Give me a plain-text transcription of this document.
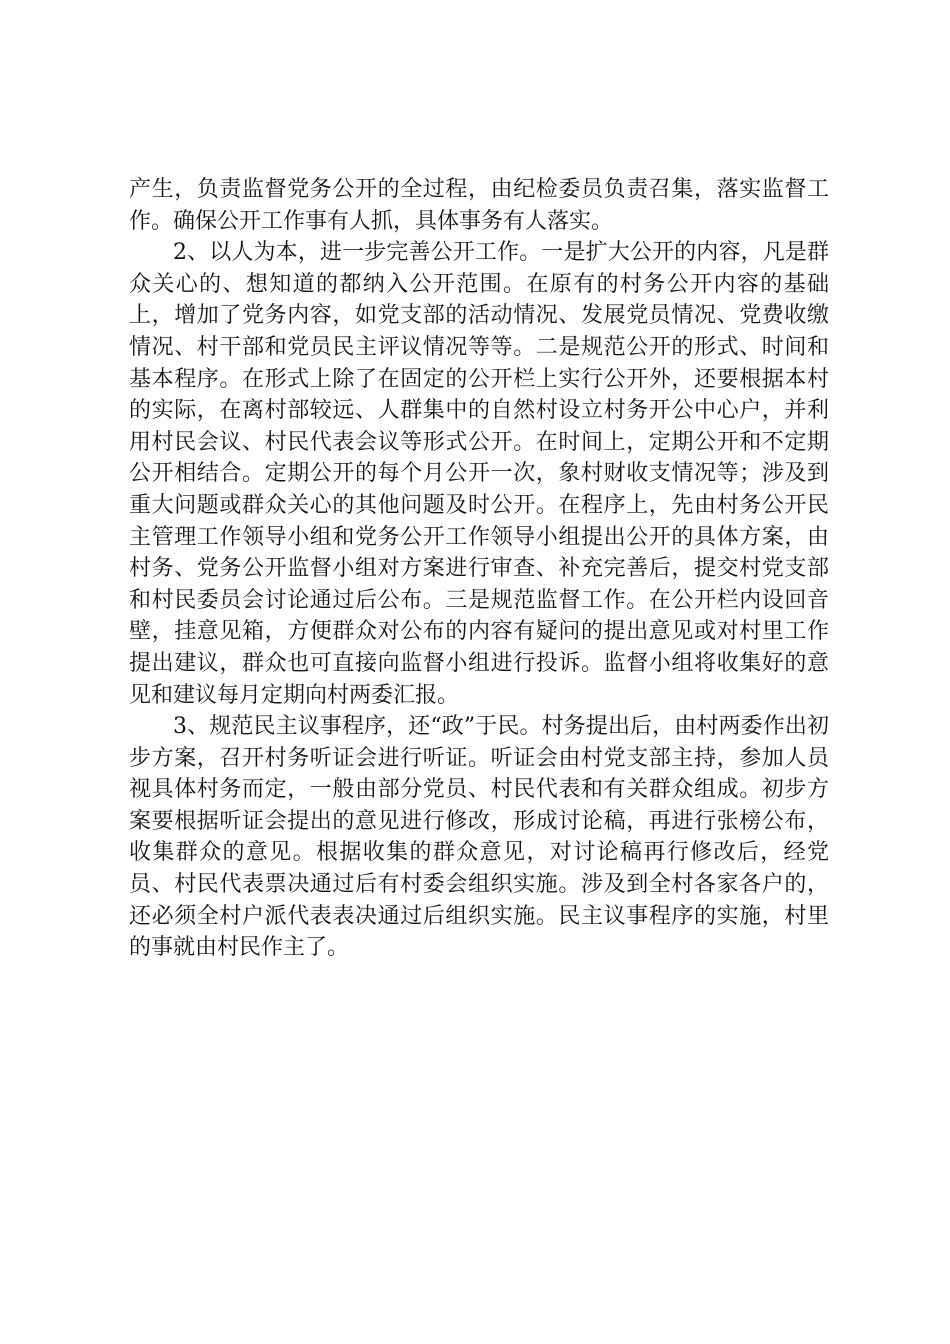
产生，负责监督党务公开的全过程，由纪检委员负责召集，落实监督工作。确保公开工作事有人抓，具体事务有人落实。

2、以人为本，进一步完善公开工作。一是扩大公开的内容，凡是群众关心的、想知道的都纳入公开范围。在原有的村务公开内容的基础上，增加了党务内容，如党支部的活动情况、发展党员情况、党费收缴情况、村干部和党员民主评议情况等等。二是规范公开的形式、时间和基本程序。在形式上除了在固定的公开栏上实行公开外，还要根据本村的实际，在离村部较远、人群集中的自然村设立村务开公中心户，并利用村民会议、村民代表会议等形式公开。在时间上，定期公开和不定期公开相结合。定期公开的每个月公开一次，象村财收支情况等；涉及到重大问题或群众关心的其他问题及时公开。在程序上，先由村务公开民主管理工作领导小组和党务公开工作领导小组提出公开的具体方案，由村务、党务公开监督小组对方案进行审查、补充完善后，提交村党支部和村民委员会讨论通过后公布。三是规范监督工作。在公开栏内设回音壁，挂意见箱，方便群众对公布的内容有疑问的提出意见或对村里工作提出建议，群众也可直接向监督小组进行投诉。监督小组将收集好的意见和建议每月定期向村两委汇报。

3、规范民主议事程序，还“政”于民。村务提出后，由村两委作出初步方案，召开村务听证会进行听证。听证会由村党支部主持，参加人员视具体村务而定，一般由部分党员、村民代表和有关群众组成。初步方案要根据听证会提出的意见进行修改，形成讨论稿，再进行张榜公布，收集群众的意见。根据收集的群众意见，对讨论稿再行修改后，经党员、村民代表票决通过后有村委会组织实施。涉及到全村各家各户的，还必须全村户派代表表决通过后组织实施。民主议事程序的实施，村里的事就由村民作主了。
